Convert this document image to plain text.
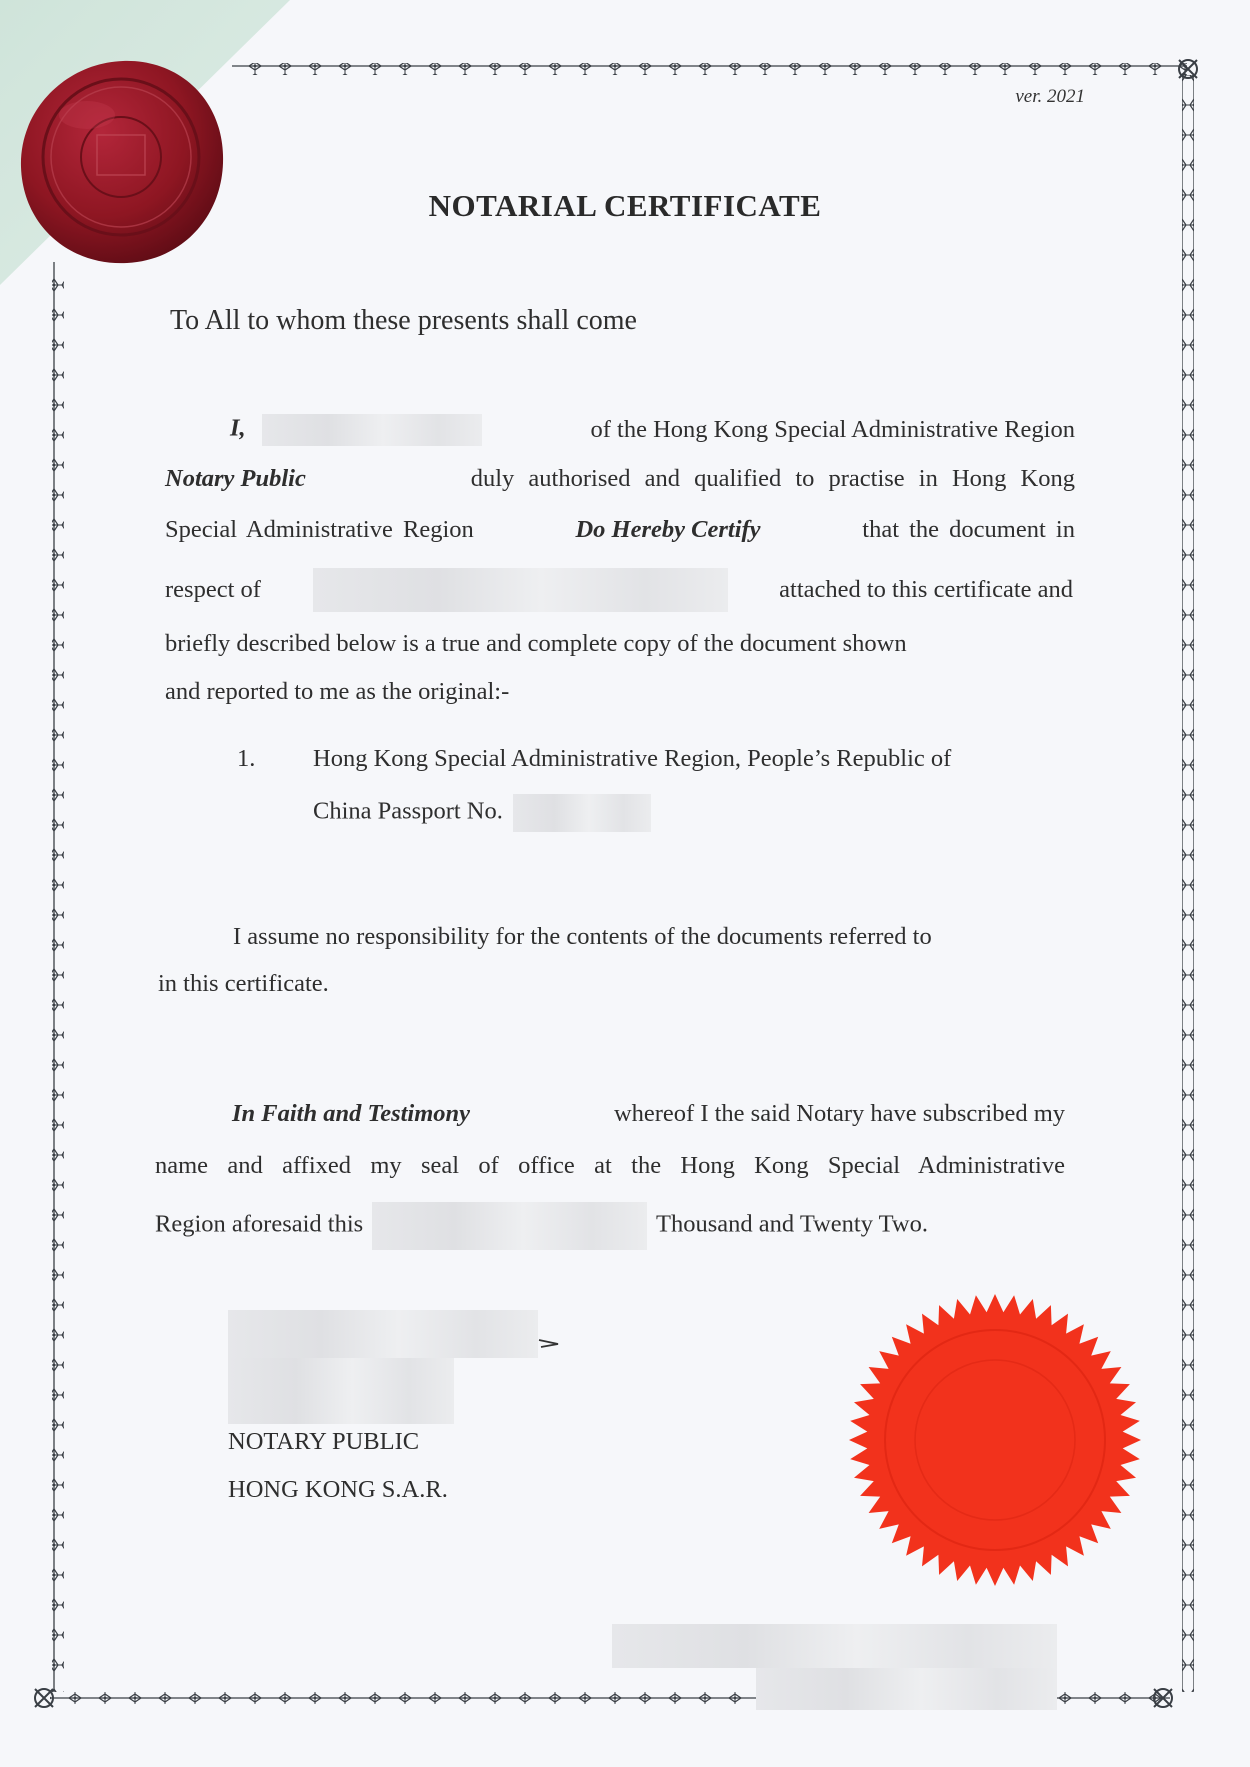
ver. 2021
NOTARIAL CERTIFICATE
To All to whom these presents shall come
I,	of the Hong Kong Special Administrative Region
Notary Public	duly authorised and qualified to practise in Hong Kong
Special Administrative Region	Do Hereby Certify	that the document in
respect of	attached to this certificate and
briefly described below is a true and complete copy of the document shown
and reported to me as the original:-
1. Hong Kong Special Administrative Region, People’s Republic of
China Passport No.
I assume no responsibility for the contents of the documents referred to
in this certificate.
In Faith and Testimony	whereof I the said Notary have subscribed my
name and affixed my seal of office at the Hong Kong Special Administrative
Region aforesaid this	Thousand and Twenty Two.
NOTARY PUBLIC
HONG KONG S.A.R.
